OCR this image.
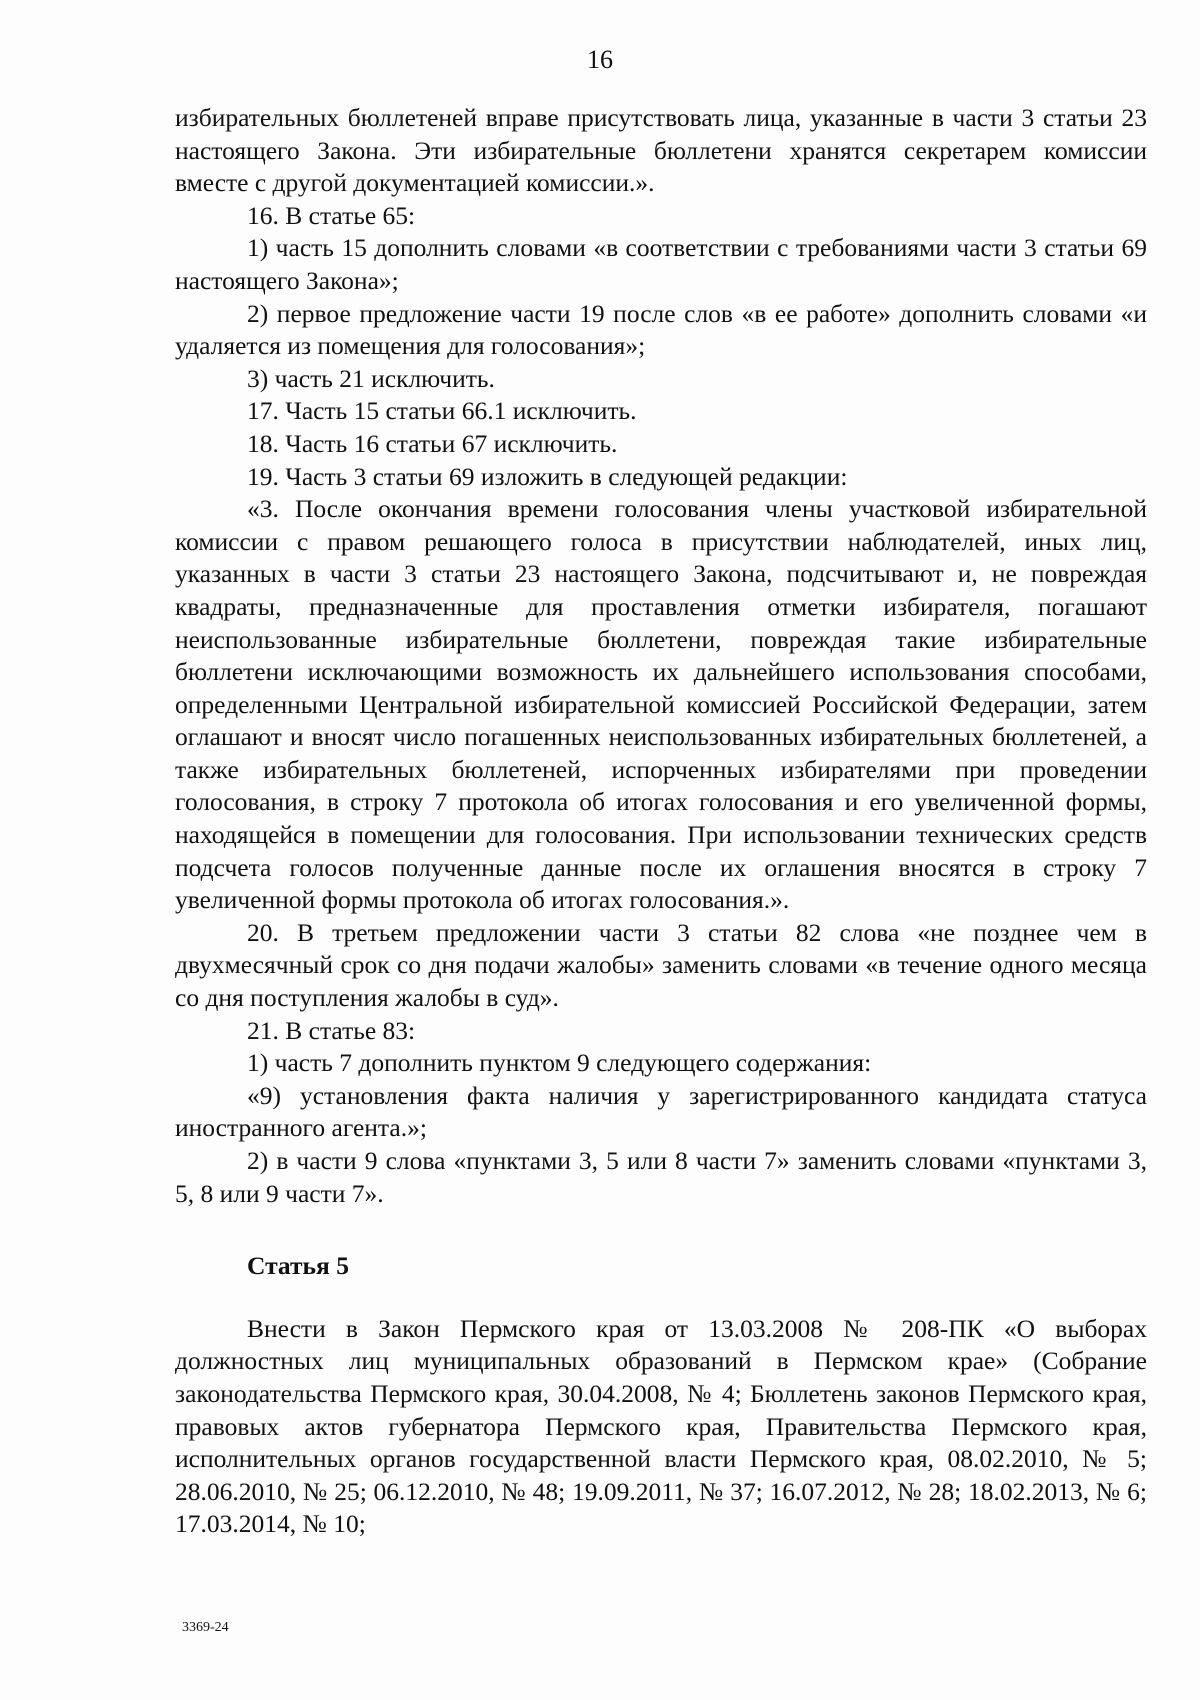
16

избирательных бюллетеней вправе присутствовать лица, указанные в части 3 статьи 23 настоящего Закона. Эти избирательные бюллетени хранятся секретарем комиссии вместе с другой документацией комиссии.».

16. В статье 65:

1) часть 15 дополнить словами «в соответствии с требованиями части 3 статьи 69 настоящего Закона»;

2) первое предложение части 19 после слов «в ее работе» дополнить словами «и удаляется из помещения для голосования»;

3) часть 21 исключить.

17. Часть 15 статьи 66.1 исключить.

18. Часть 16 статьи 67 исключить.

19. Часть 3 статьи 69 изложить в следующей редакции:

«3. После окончания времени голосования члены участковой избирательной комиссии с правом решающего голоса в присутствии наблюдателей, иных лиц, указанных в части 3 статьи 23 настоящего Закона, подсчитывают и, не повреждая квадраты, предназначенные для проставления отметки избирателя, погашают неиспользованные избирательные бюллетени, повреждая такие избирательные бюллетени исключающими возможность их дальнейшего использования способами, определенными Центральной избирательной комиссией Российской Федерации, затем оглашают и вносят число погашенных неиспользованных избирательных бюллетеней, а также избирательных бюллетеней, испорченных избирателями при проведении голосования, в строку 7 протокола об итогах голосования и его увеличенной формы, находящейся в помещении для голосования. При использовании технических средств подсчета голосов полученные данные после их оглашения вносятся в строку 7 увеличенной формы протокола об итогах голосования.».

20. В третьем предложении части 3 статьи 82 слова «не позднее чем в двухмесячный срок со дня подачи жалобы» заменить словами «в течение одного месяца со дня поступления жалобы в суд».

21. В статье 83:

1) часть 7 дополнить пунктом 9 следующего содержания:

«9) установления факта наличия у зарегистрированного кандидата статуса иностранного агента.»;

2) в части 9 слова «пунктами 3, 5 или 8 части 7» заменить словами «пунктами 3, 5, 8 или 9 части 7».

Статья 5

Внести в Закон Пермского края от 13.03.2008 № 208-ПК «О выборах должностных лиц муниципальных образований в Пермском крае» (Собрание законодательства Пермского края, 30.04.2008, № 4; Бюллетень законов Пермского края, правовых актов губернатора Пермского края, Правительства Пермского края, исполнительных органов государственной власти Пермского края, 08.02.2010, № 5; 28.06.2010, № 25; 06.12.2010, № 48; 19.09.2011, № 37; 16.07.2012, № 28; 18.02.2013, № 6; 17.03.2014, № 10;

3369-24
